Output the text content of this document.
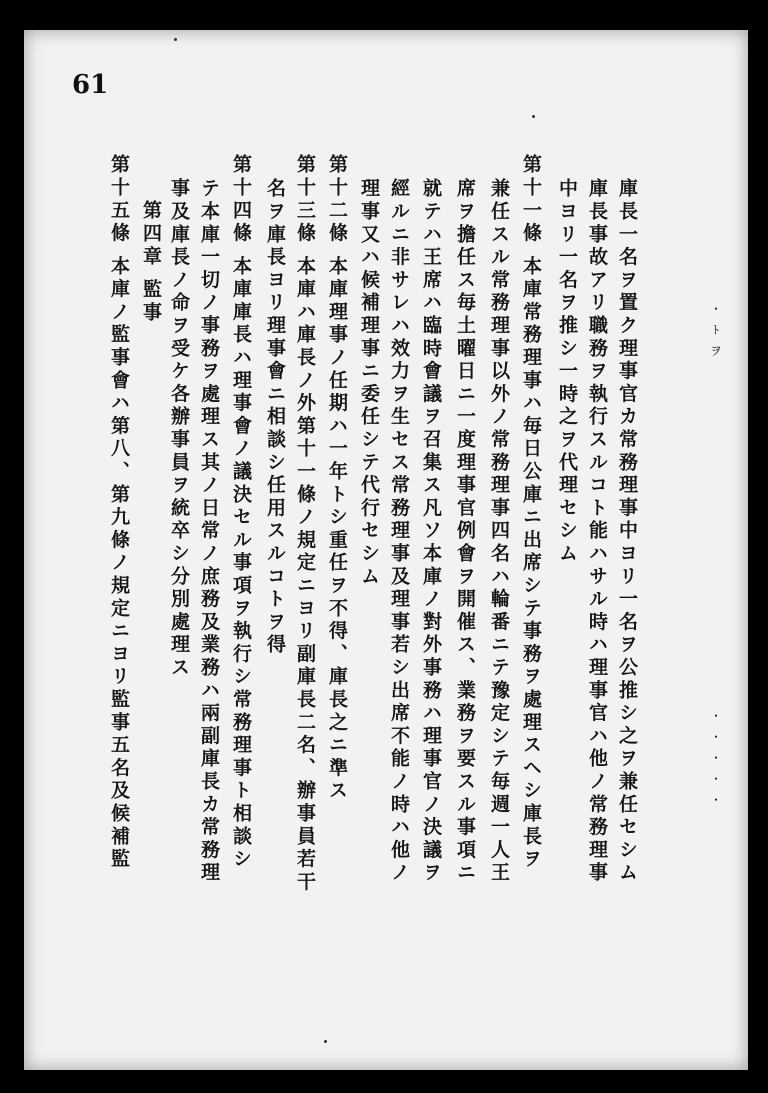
61
庫長一名ヲ置ク理事官カ常務理事中ヨリ一名ヲ公推シ之ヲ兼任セシム
庫長事故アリ職務ヲ執行スルコト能ハサル時ハ理事官ハ他ノ常務理事
中ヨリ一名ヲ推シ一時之ヲ代理セシム
第十一條 本庫常務理事ハ毎日公庫ニ出席シテ事務ヲ處理スヘシ庫長ヲ
兼任スル常務理事以外ノ常務理事四名ハ輪番ニテ豫定シテ毎週一人王
席ヲ擔任ス毎土曜日ニ一度理事官例會ヲ開催ス、業務ヲ要スル事項ニ
就テハ王席ハ臨時會議ヲ召集ス凡ソ本庫ノ對外事務ハ理事官ノ決議ヲ
經ルニ非サレハ效力ヲ生セス常務理事及理事若シ出席不能ノ時ハ他ノ
理事又ハ候補理事ニ委任シテ代行セシム
第十二條 本庫理事ノ任期ハ一年トシ重任ヲ不得、庫長之ニ準ス
第十三條 本庫ハ庫長ノ外第十一條ノ規定ニヨリ副庫長二名、辦事員若干
名ヲ庫長ヨリ理事會ニ相談シ任用スルコトヲ得
第十四條 本庫庫長ハ理事會ノ議決セル事項ヲ執行シ常務理事ト相談シ
テ本庫一切ノ事務ヲ處理ス其ノ日常ノ庶務及業務ハ兩副庫長カ常務理
事及庫長ノ命ヲ受ケ各辦事員ヲ統卒シ分別處理ス
第四章 監事
第十五條 本庫ノ監事會ハ第八、第九條ノ規定ニヨリ監事五名及候補監	・
ﾄ
ヲ
・
・
・
・
・
